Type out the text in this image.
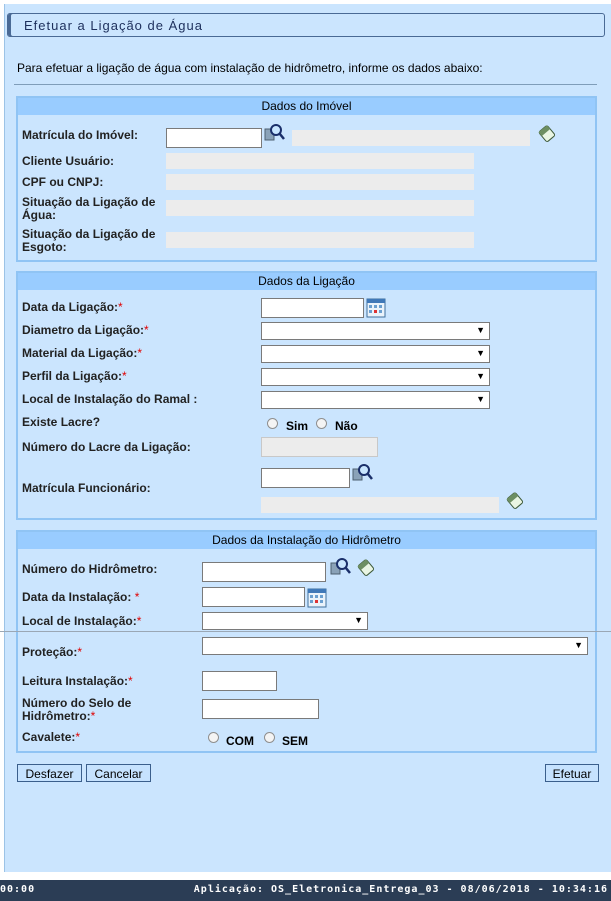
Efetuar a Ligação de Água
Para efetuar a ligação de água com instalação de hidrômetro, informe os dados abaixo:
Dados do Imóvel
Matrícula do Imóvel:
Cliente Usuário:
CPF ou CNPJ:
Situação da Ligação de Água:
Situação da Ligação de Esgoto:
Dados da Ligação
Data da Ligação:*
Diametro da Ligação:*
▼
Material da Ligação:*
▼
Perfil da Ligação:*
▼
Local de Instalação do Ramal :
▼
Existe Lacre?	Sim Não
Número do Lacre da Ligação:
Matrícula Funcionário:
Dados da Instalação do Hidrômetro
Número do Hidrômetro:
Data da Instalação: *
Local de Instalação:*
▼
Proteção:*
▼
Leitura Instalação:*
Número do Selo de Hidrômetro:*
Cavalete:*	COM SEM
Desfazer	Cancelar	Efetuar
00:00	Aplicação: OS_Eletronica_Entrega_03 - 08/06/2018 - 10:34:16
